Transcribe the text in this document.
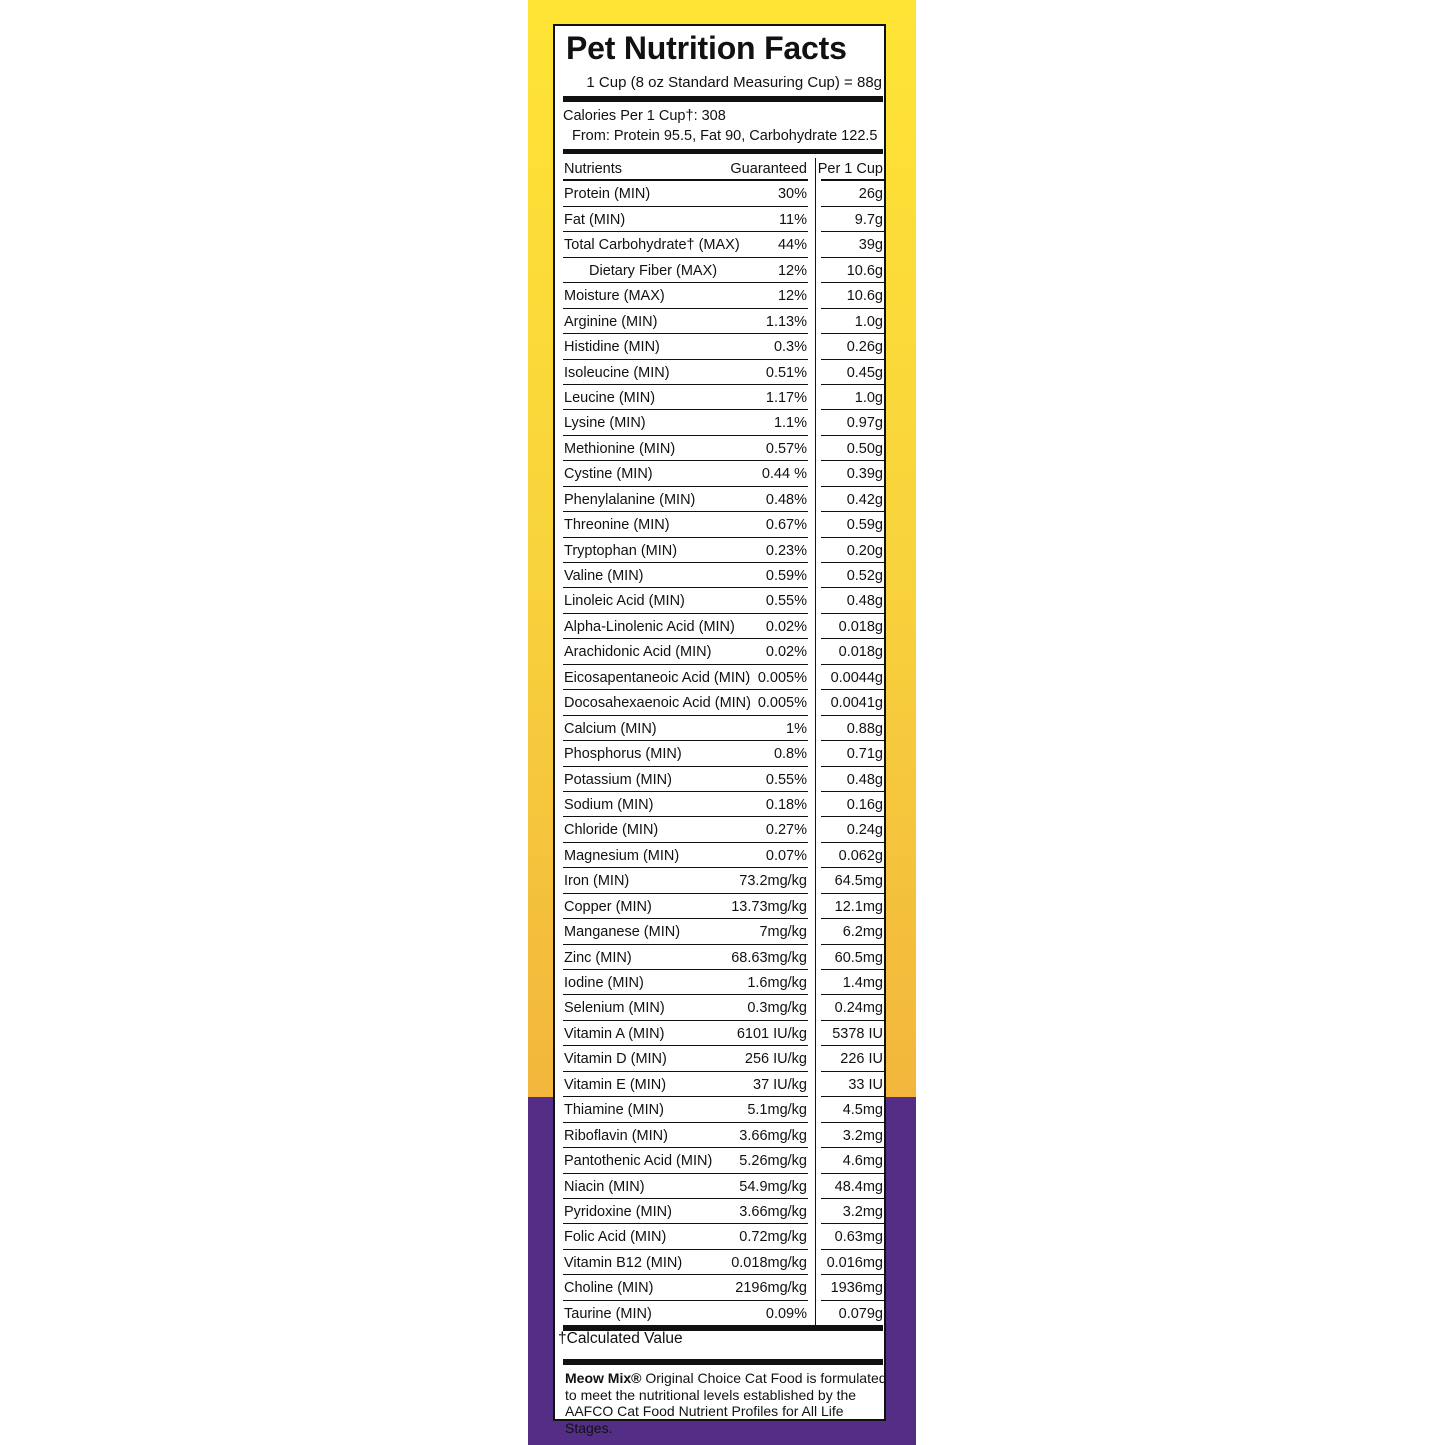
Pet Nutrition Facts
1 Cup (8 oz Standard Measuring Cup) = 88g
Calories Per 1 Cup†: 308
From: Protein 95.5, Fat 90, Carbohydrate 122.5
Nutrients	Guaranteed Per 1 Cup
Protein (MIN)	30%	26g
Fat (MIN)	11%	9.7g
Total Carbohydrate† (MAX)	44%	39g
Dietary Fiber (MAX)	12%	10.6g
Moisture (MAX)	12%	10.6g
Arginine (MIN)	1.13%	1.0g
Histidine (MIN)	0.3%	0.26g
Isoleucine (MIN)	0.51%	0.45g
Leucine (MIN)	1.17%	1.0g
Lysine (MIN)	1.1%	0.97g
Methionine (MIN)	0.57%	0.50g
Cystine (MIN)	0.44 %	0.39g
Phenylalanine (MIN)	0.48%	0.42g
Threonine (MIN)	0.67%	0.59g
Tryptophan (MIN)	0.23%	0.20g
Valine (MIN)	0.59%	0.52g
Linoleic Acid (MIN)	0.55%	0.48g
Alpha-Linolenic Acid (MIN) 0.02% 0.018g
Arachidonic Acid (MIN)	0.02% 0.018g
Eicosapentaneoic Acid (MIN) 0.005% 0.0044g
Docosahexaenoic Acid (MIN) 0.005% 0.0041g
Calcium (MIN)	1%	0.88g
Phosphorus (MIN)	0.8%	0.71g
Potassium (MIN)	0.55%	0.48g
Sodium (MIN)	0.18%	0.16g
Chloride (MIN)	0.27%	0.24g
Magnesium (MIN)	0.07% 0.062g
Iron (MIN)	73.2mg/kg 64.5mg
Copper (MIN)	13.73mg/kg 12.1mg
Manganese (MIN)	7mg/kg 6.2mg
Zinc (MIN)	68.63mg/kg 60.5mg
Iodine (MIN)	1.6mg/kg 1.4mg
Selenium (MIN)	0.3mg/kg 0.24mg
Vitamin A (MIN)	6101 IU/kg 5378 IU
Vitamin D (MIN)	256 IU/kg 226 IU
Vitamin E (MIN)	37 IU/kg	33 IU
Thiamine (MIN)	5.1mg/kg 4.5mg
Riboflavin (MIN)	3.66mg/kg 3.2mg
Pantothenic Acid (MIN) 5.26mg/kg 4.6mg
Niacin (MIN)	54.9mg/kg 48.4mg
Pyridoxine (MIN)	3.66mg/kg 3.2mg
Folic Acid (MIN)	0.72mg/kg 0.63mg
Vitamin B12 (MIN)	0.018mg/kg 0.016mg
Choline (MIN)	2196mg/kg 1936mg
Taurine (MIN)	0.09% 0.079g
†Calculated Value
Meow Mix® Original Choice Cat Food is formulated to meet the nutritional levels established by the AAFCO Cat Food Nutrient Profiles for All Life Stages.
